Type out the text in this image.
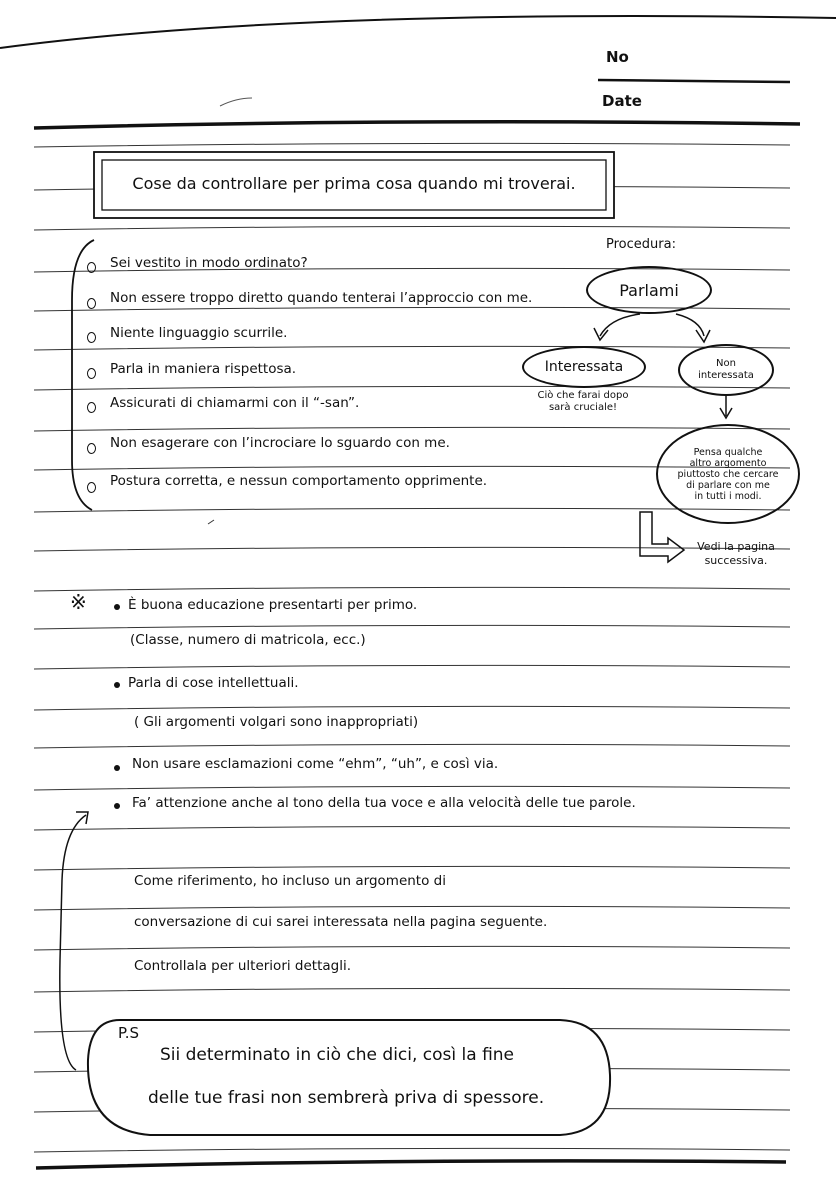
No
Date
Cose da controllare per prima cosa quando mi troverai.
Sei vestito in modo ordinato?
Non essere troppo diretto quando tenterai l’approccio con me.
Niente linguaggio scurrile.
Parla in maniera rispettosa.
Assicurati di chiamarmi con il “-san”.
Non esagerare con l’incrociare lo sguardo con me.
Postura corretta, e nessun comportamento opprimente.
Procedura:
Parlami
Interessata
Ciò che farai dopo
sarà cruciale!
Non
interessata
Pensa qualche
altro argomento
piuttosto che cercare
di parlare con me
in tutti i modi.
Vedi la pagina
successiva.
※	È buona educazione presentarti per primo.
(Classe, numero di matricola, ecc.)
Parla di cose intellettuali.
( Gli argomenti volgari sono inappropriati)
Non usare esclamazioni come “ehm”, “uh”, e così via.
Fa’ attenzione anche al tono della tua voce e alla velocità delle tue parole.
Come riferimento, ho incluso un argomento di
conversazione di cui sarei interessata nella pagina seguente.
Controllala per ulteriori dettagli.
P.S
Sii determinato in ciò che dici, così la fine
delle tue frasi non sembrerà priva di spessore.
